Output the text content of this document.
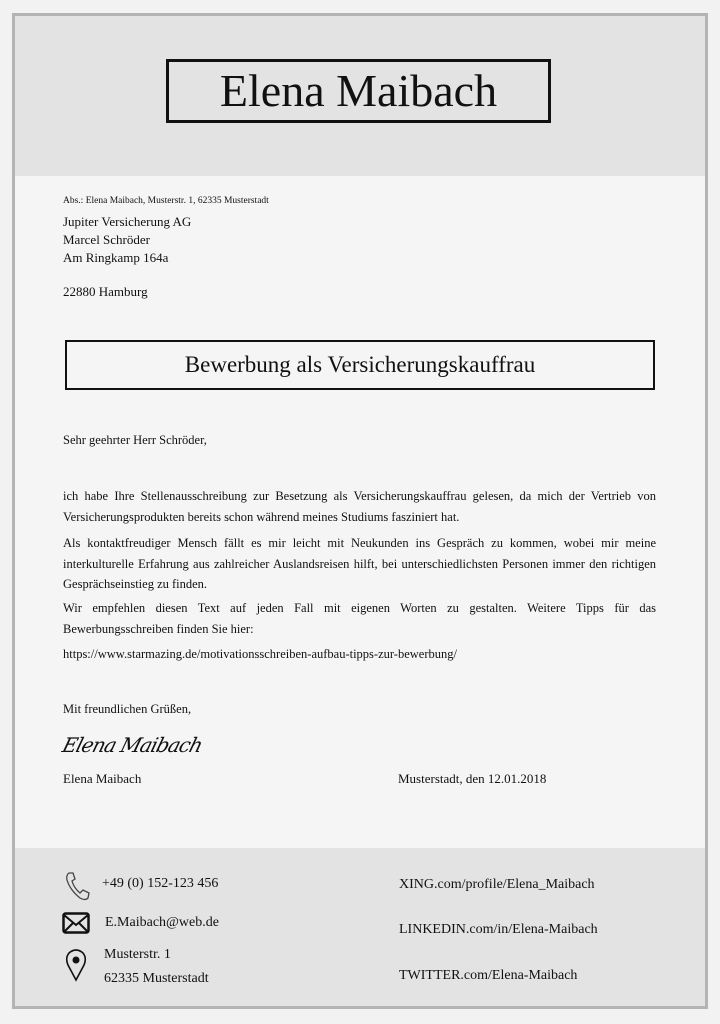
Elena Maibach
Abs.: Elena Maibach, Musterstr. 1, 62335 Musterstadt
Jupiter Versicherung AG
Marcel Schröder
Am Ringkamp 164a
22880 Hamburg
Bewerbung als Versicherungskauffrau
Sehr geehrter Herr Schröder,
ich habe Ihre Stellenausschreibung zur Besetzung als Versicherungskauffrau gelesen, da mich der Vertrieb von Versicherungsprodukten bereits schon während meines Studiums fasziniert hat.
Als kontaktfreudiger Mensch fällt es mir leicht mit Neukunden ins Gespräch zu kommen, wobei mir meine interkulturelle Erfahrung aus zahlreicher Auslandsreisen hilft, bei unterschiedlichsten Personen immer den richtigen Gesprächseinstieg zu finden.
Wir empfehlen diesen Text auf jeden Fall mit eigenen Worten zu gestalten. Weitere Tipps für das Bewerbungsschreiben finden Sie hier:
https://www.starmazing.de/motivationsschreiben-aufbau-tipps-zur-bewerbung/
Mit freundlichen Grüßen,
Elena Maibach
Elena Maibach	Musterstadt, den 12.01.2018
+49 (0) 152-123 456
E.Maibach@web.de
Musterstr. 1
62335 Musterstadt
XING.com/profile/Elena_Maibach
LINKEDIN.com/in/Elena-Maibach
TWITTER.com/Elena-Maibach
